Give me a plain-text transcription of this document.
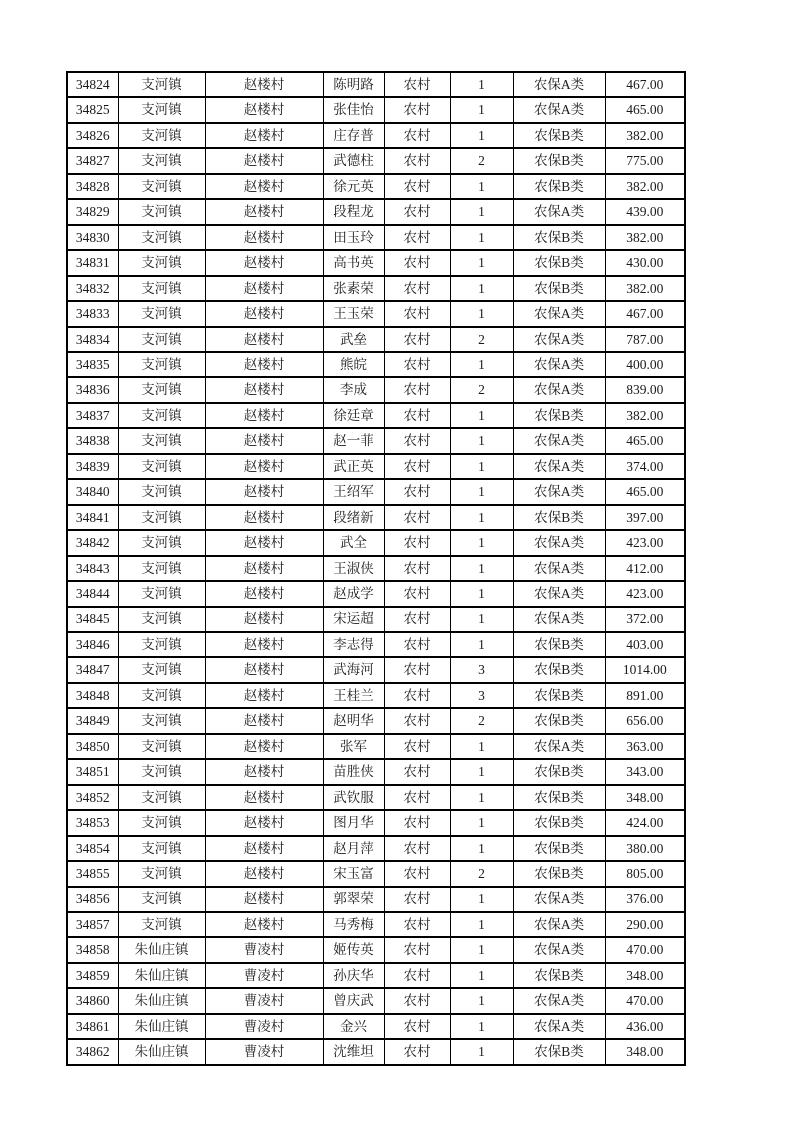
34824	支河镇	赵楼村	陈明路	农村	1	农保A类	467.00
34825	支河镇	赵楼村	张佳怡	农村	1	农保A类	465.00
34826	支河镇	赵楼村	庄存普	农村	1	农保B类	382.00
34827	支河镇	赵楼村	武德柱	农村	2	农保B类	775.00
34828	支河镇	赵楼村	徐元英	农村	1	农保B类	382.00
34829	支河镇	赵楼村	段程龙	农村	1	农保A类	439.00
34830	支河镇	赵楼村	田玉玲	农村	1	农保B类	382.00
34831	支河镇	赵楼村	高书英	农村	1	农保B类	430.00
34832	支河镇	赵楼村	张素荣	农村	1	农保B类	382.00
34833	支河镇	赵楼村	王玉荣	农村	1	农保A类	467.00
34834	支河镇	赵楼村	武垒	农村	2	农保A类	787.00
34835	支河镇	赵楼村	熊皖	农村	1	农保A类	400.00
34836	支河镇	赵楼村	李成	农村	2	农保A类	839.00
34837	支河镇	赵楼村	徐廷章	农村	1	农保B类	382.00
34838	支河镇	赵楼村	赵一菲	农村	1	农保A类	465.00
34839	支河镇	赵楼村	武正英	农村	1	农保A类	374.00
34840	支河镇	赵楼村	王绍军	农村	1	农保A类	465.00
34841	支河镇	赵楼村	段绪新	农村	1	农保B类	397.00
34842	支河镇	赵楼村	武全	农村	1	农保A类	423.00
34843	支河镇	赵楼村	王淑侠	农村	1	农保A类	412.00
34844	支河镇	赵楼村	赵成学	农村	1	农保A类	423.00
34845	支河镇	赵楼村	宋运超	农村	1	农保A类	372.00
34846	支河镇	赵楼村	李志得	农村	1	农保B类	403.00
34847	支河镇	赵楼村	武海河	农村	3	农保B类	1014.00
34848	支河镇	赵楼村	王桂兰	农村	3	农保B类	891.00
34849	支河镇	赵楼村	赵明华	农村	2	农保B类	656.00
34850	支河镇	赵楼村	张军	农村	1	农保A类	363.00
34851	支河镇	赵楼村	苗胜侠	农村	1	农保B类	343.00
34852	支河镇	赵楼村	武钦服	农村	1	农保B类	348.00
34853	支河镇	赵楼村	图月华	农村	1	农保B类	424.00
34854	支河镇	赵楼村	赵月萍	农村	1	农保B类	380.00
34855	支河镇	赵楼村	宋玉富	农村	2	农保B类	805.00
34856	支河镇	赵楼村	郭翠荣	农村	1	农保A类	376.00
34857	支河镇	赵楼村	马秀梅	农村	1	农保A类	290.00
34858	朱仙庄镇	曹凌村	姬传英	农村	1	农保A类	470.00
34859	朱仙庄镇	曹凌村	孙庆华	农村	1	农保B类	348.00
34860	朱仙庄镇	曹凌村	曾庆武	农村	1	农保A类	470.00
34861	朱仙庄镇	曹凌村	金兴	农村	1	农保A类	436.00
34862	朱仙庄镇	曹凌村	沈维坦	农村	1	农保B类	348.00
